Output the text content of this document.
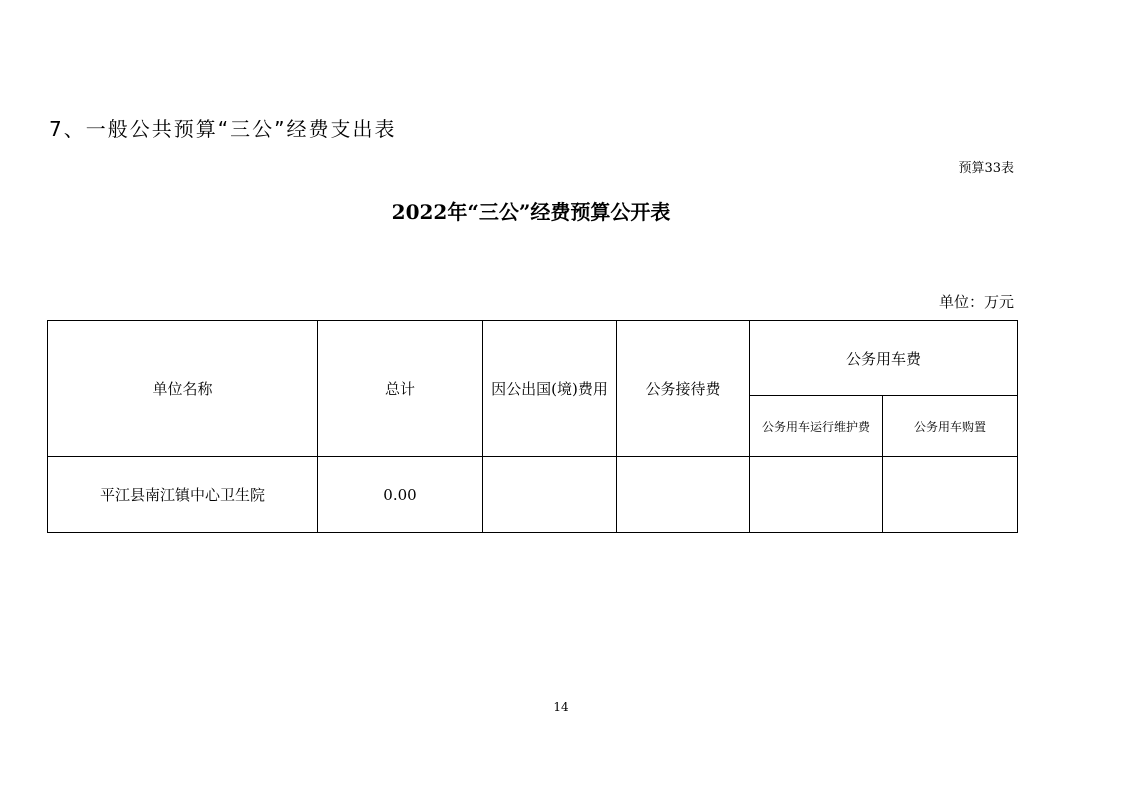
7、一般公共预算“三公”经费支出表
预算33表
2022年“三公”经费预算公开表
单位：万元
单位名称	总计	因公出国(境)费用	公务接待费	公务用车费	
				公务用车运行维护费	公务用车购置
平江县南江镇中心卫生院	0.00				
14
